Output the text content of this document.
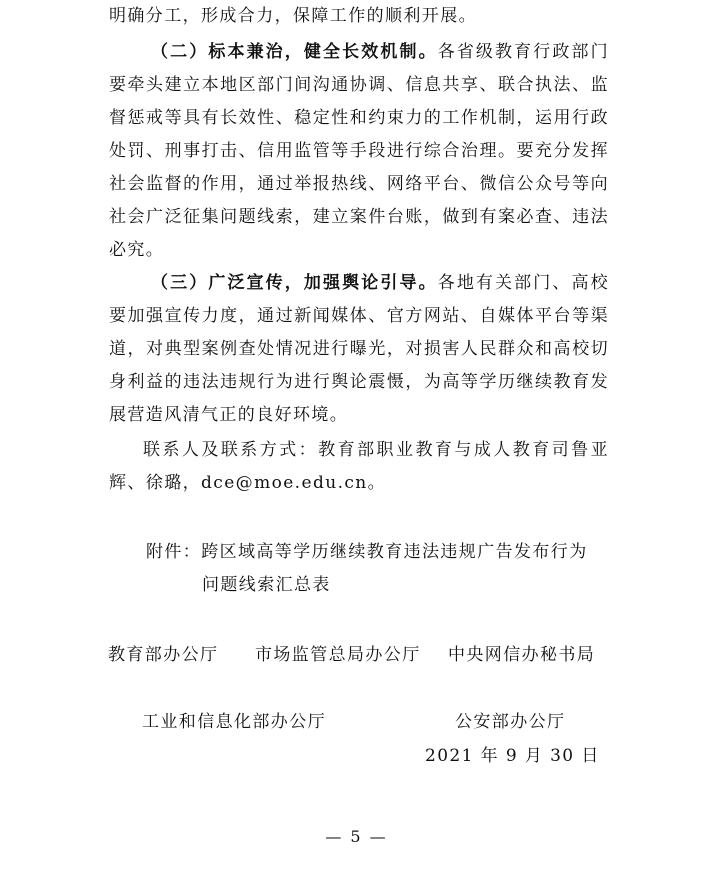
明确分工，形成合力，保障工作的顺利开展。

（二）标本兼治，健全长效机制。各省级教育行政部门要牵头建立本地区部门间沟通协调、信息共享、联合执法、监督惩戒等具有长效性、稳定性和约束力的工作机制，运用行政处罚、刑事打击、信用监管等手段进行综合治理。要充分发挥社会监督的作用，通过举报热线、网络平台、微信公众号等向社会广泛征集问题线索，建立案件台账，做到有案必查、违法必究。

（三）广泛宣传，加强舆论引导。各地有关部门、高校要加强宣传力度，通过新闻媒体、官方网站、自媒体平台等渠道，对典型案例查处情况进行曝光，对损害人民群众和高校切身利益的违法违规行为进行舆论震慑，为高等学历继续教育发展营造风清气正的良好环境。

联系人及联系方式：教育部职业教育与成人教育司鲁亚辉、徐璐，dce@moe.edu.cn。

附件：跨区域高等学历继续教育违法违规广告发布行为
问题线索汇总表

教育部办公厅 市场监管总局办公厅 中央网信办秘书局
工业和信息化部办公厅	公安部办公厅

2021 年 9 月 30 日

— 5 —
